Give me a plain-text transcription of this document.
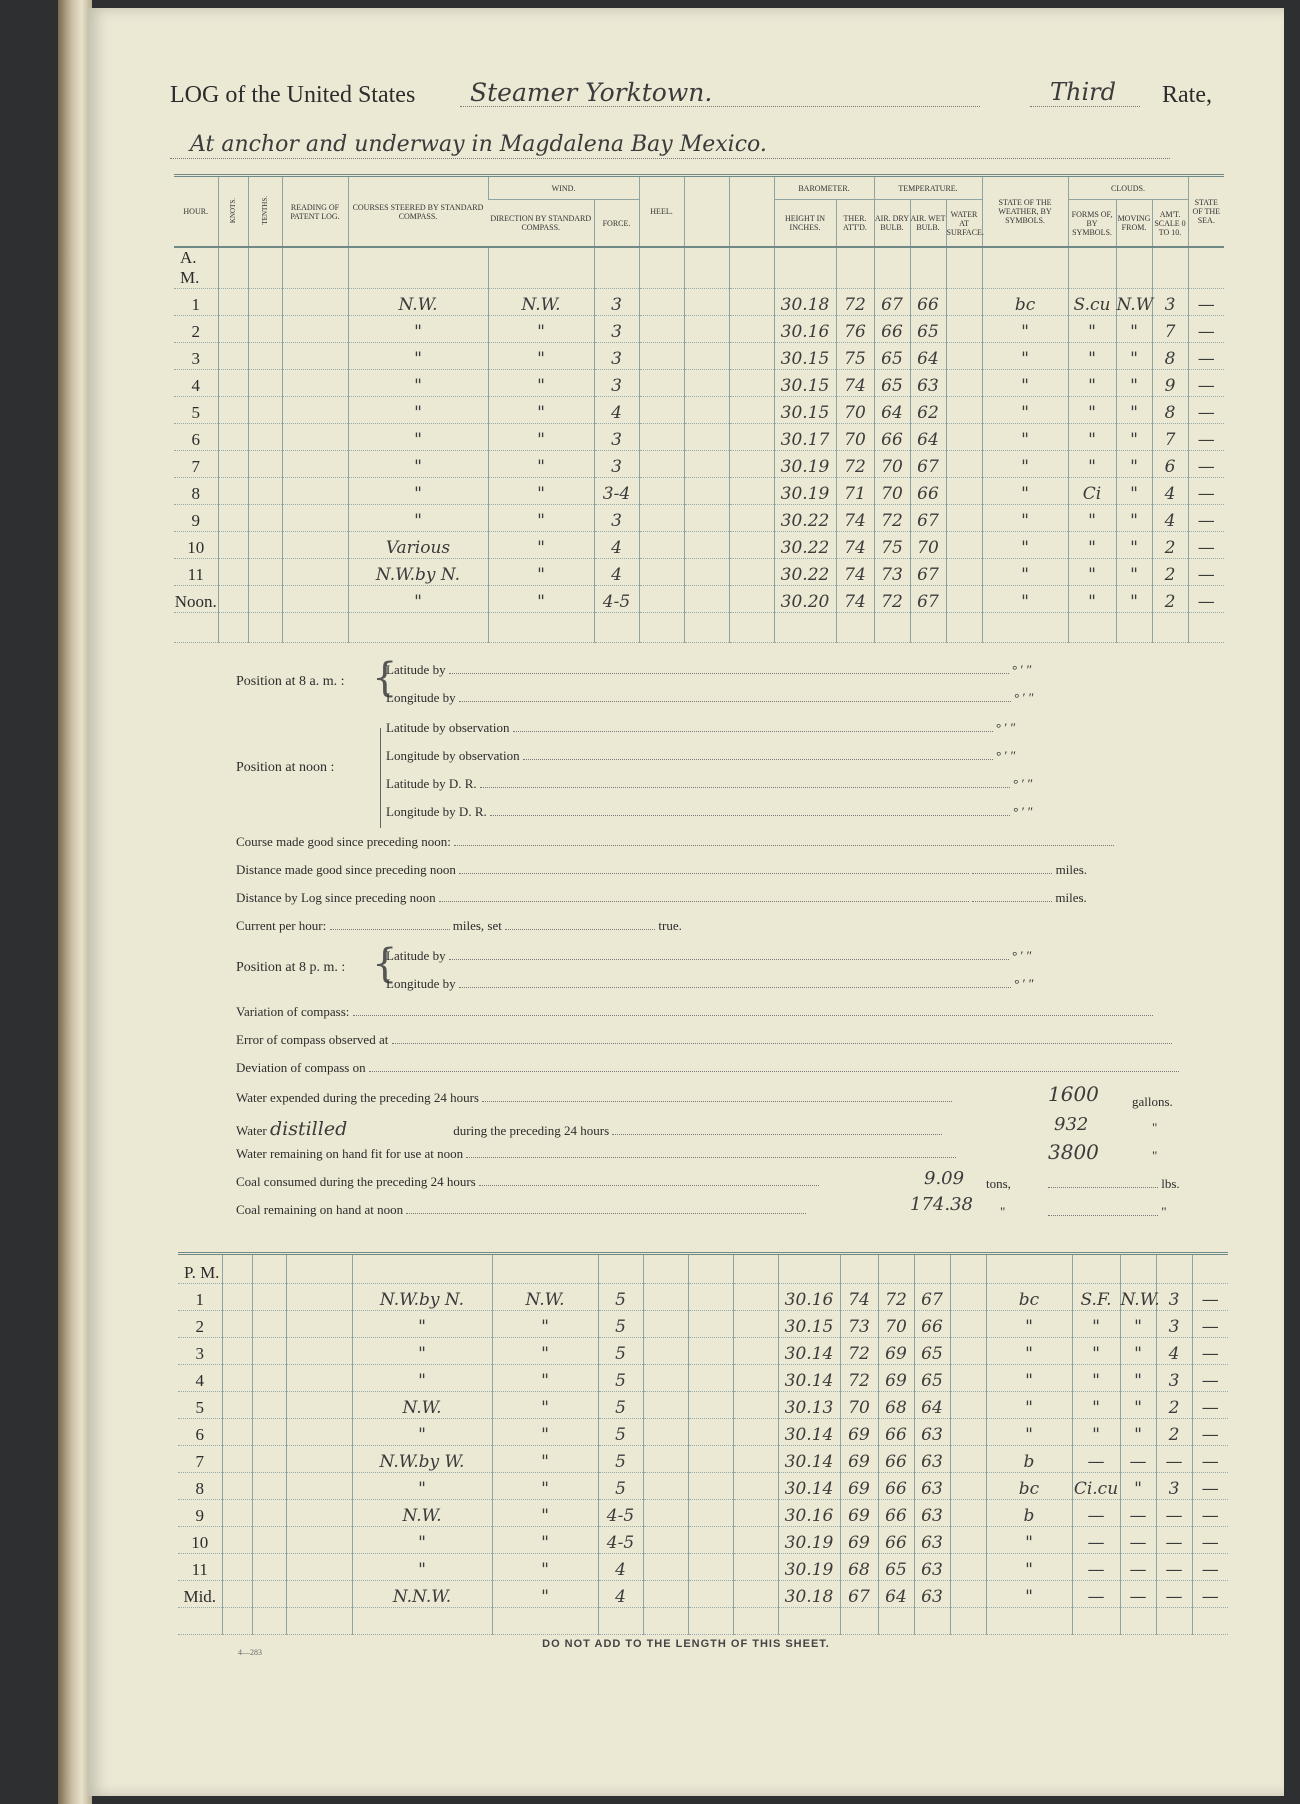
LOG of the United States Steamer Yorktown.	Third Rate,
At anchor and underway in Magdalena Bay Mexico.
HOUR.	KNOTS.	TENTHS.	READING OF PATENT LOG.	COURSES STEERED BY STANDARD COMPASS.	WIND.		HEEL.			BAROMETER.		TEMPERATURE.			STATE OF THE WEATHER, BY SYMBOLS.	CLOUDS.			STATE OF THE SEA.
					DIRECTION BY STANDARD COMPASS.	FORCE.				HEIGHT IN INCHES.	THER. ATT'D.	AIR. DRY BULB.	AIR. WET BULB.	WATER AT SURFACE.		FORMS OF, BY SYMBOLS.	MOVING FROM.	AM'T. SCALE 0 TO 10.	
A. M.																			
1				N.W.	N.W.	3				30.18	72	67	66		bc	S.cu	N.W	3	—
2				"	"	3				30.16	76	66	65		"	"	"	7	—
3				"	"	3				30.15	75	65	64		"	"	"	8	—
4				"	"	3				30.15	74	65	63		"	"	"	9	—
5				"	"	4				30.15	70	64	62		"	"	"	8	—
6				"	"	3				30.17	70	66	64		"	"	"	7	—
7				"	"	3				30.19	72	70	67		"	"	"	6	—
8				"	"	3-4				30.19	71	70	66		"	Ci	"	4	—
9				"	"	3				30.22	74	72	67		"	"	"	4	—
10				Various	"	4				30.22	74	75	70		"	"	"	2	—
11				N.W.by N.	"	4				30.22	74	73	67		"	"	"	2	—
Noon.				"	"	4-5				30.20	74	72	67		"	"	"	2	—

Position at 8 a. m. : {
Latitude by	° ′ ″
Longitude by	° ′ ″
Position at noon :
Latitude by observation	° ′ ″
Longitude by observation	° ′ ″
Latitude by D. R.	° ′ ″
Longitude by D. R.	° ′ ″
Course made good since preceding noon:
Distance made good since preceding noon	miles.
Distance by Log since preceding noon	miles.
Current per hour:	miles, set	true.
Position at 8 p. m. : {
Latitude by	° ′ ″
Longitude by	° ′ ″
Variation of compass:
Error of compass observed at
Deviation of compass on
Water expended during the preceding 24 hours	1600	gallons.
Water distilled	during the preceding 24 hours	932	"
Water remaining on hand fit for use at noon	3800	"
Coal consumed during the preceding 24 hours	9.09 tons,	lbs.
Coal remaining on hand at noon	174.38 "	"
P. M.																			
1				N.W.by N.	N.W.	5				30.16	74	72	67		bc	S.F.	N.W.	3	—
2				"	"	5				30.15	73	70	66		"	"	"	3	—
3				"	"	5				30.14	72	69	65		"	"	"	4	—
4				"	"	5				30.14	72	69	65		"	"	"	3	—
5				N.W.	"	5				30.13	70	68	64		"	"	"	2	—
6				"	"	5				30.14	69	66	63		"	"	"	2	—
7				N.W.by W.	"	5				30.14	69	66	63		b	—	—	—	—
8				"	"	5				30.14	69	66	63		bc	Ci.cu	"	3	—
9				N.W.	"	4-5				30.16	69	66	63		b	—	—	—	—
10				"	"	4-5				30.19	69	66	63		"	—	—	—	—
11				"	"	4				30.19	68	65	63		"	—	—	—	—
Mid.				N.N.W.	"	4				30.18	67	64	63		"	—	—	—	—

4—283
DO NOT ADD TO THE LENGTH OF THIS SHEET.
